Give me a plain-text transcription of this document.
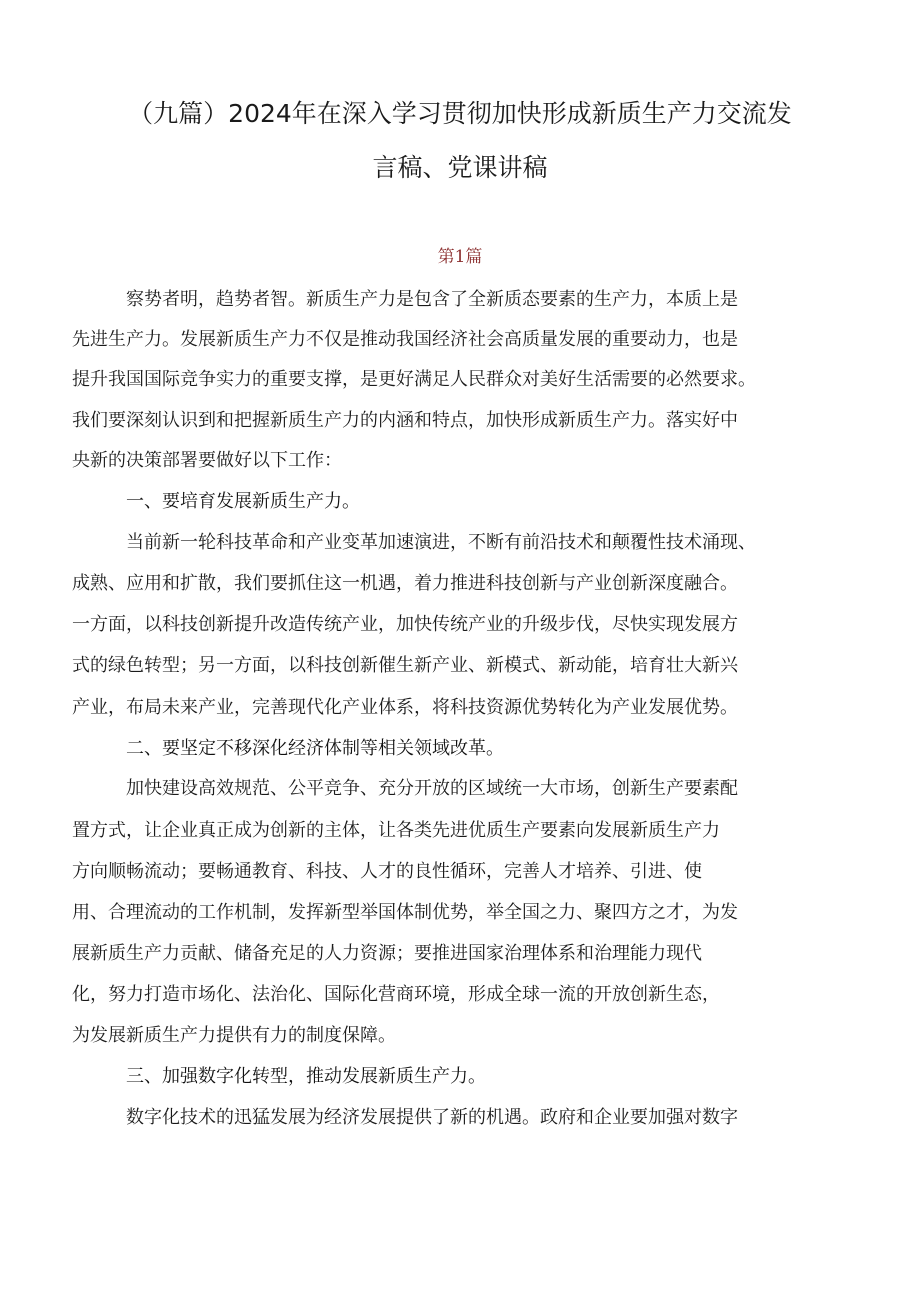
（九篇）2024年在深入学习贯彻加快形成新质生产力交流发
言稿、党课讲稿
第1篇
察势者明，趋势者智。新质生产力是包含了全新质态要素的生产力，本质上是
先进生产力。发展新质生产力不仅是推动我国经济社会高质量发展的重要动力，也是
提升我国国际竞争实力的重要支撑，是更好满足人民群众对美好生活需要的必然要求。
我们要深刻认识到和把握新质生产力的内涵和特点，加快形成新质生产力。落实好中
央新的决策部署要做好以下工作：
一、要培育发展新质生产力。
当前新一轮科技革命和产业变革加速演进，不断有前沿技术和颠覆性技术涌现、
成熟、应用和扩散，我们要抓住这一机遇，着力推进科技创新与产业创新深度融合。
一方面，以科技创新提升改造传统产业，加快传统产业的升级步伐，尽快实现发展方
式的绿色转型；另一方面，以科技创新催生新产业、新模式、新动能，培育壮大新兴
产业，布局未来产业，完善现代化产业体系，将科技资源优势转化为产业发展优势。
二、要坚定不移深化经济体制等相关领域改革。
加快建设高效规范、公平竞争、充分开放的区域统一大市场，创新生产要素配
置方式，让企业真正成为创新的主体，让各类先进优质生产要素向发展新质生产力
方向顺畅流动；要畅通教育、科技、人才的良性循环，完善人才培养、引进、使
用、合理流动的工作机制，发挥新型举国体制优势，举全国之力、聚四方之才，为发
展新质生产力贡献、储备充足的人力资源；要推进国家治理体系和治理能力现代
化，努力打造市场化、法治化、国际化营商环境，形成全球一流的开放创新生态，
为发展新质生产力提供有力的制度保障。
三、加强数字化转型，推动发展新质生产力。
数字化技术的迅猛发展为经济发展提供了新的机遇。政府和企业要加强对数字
